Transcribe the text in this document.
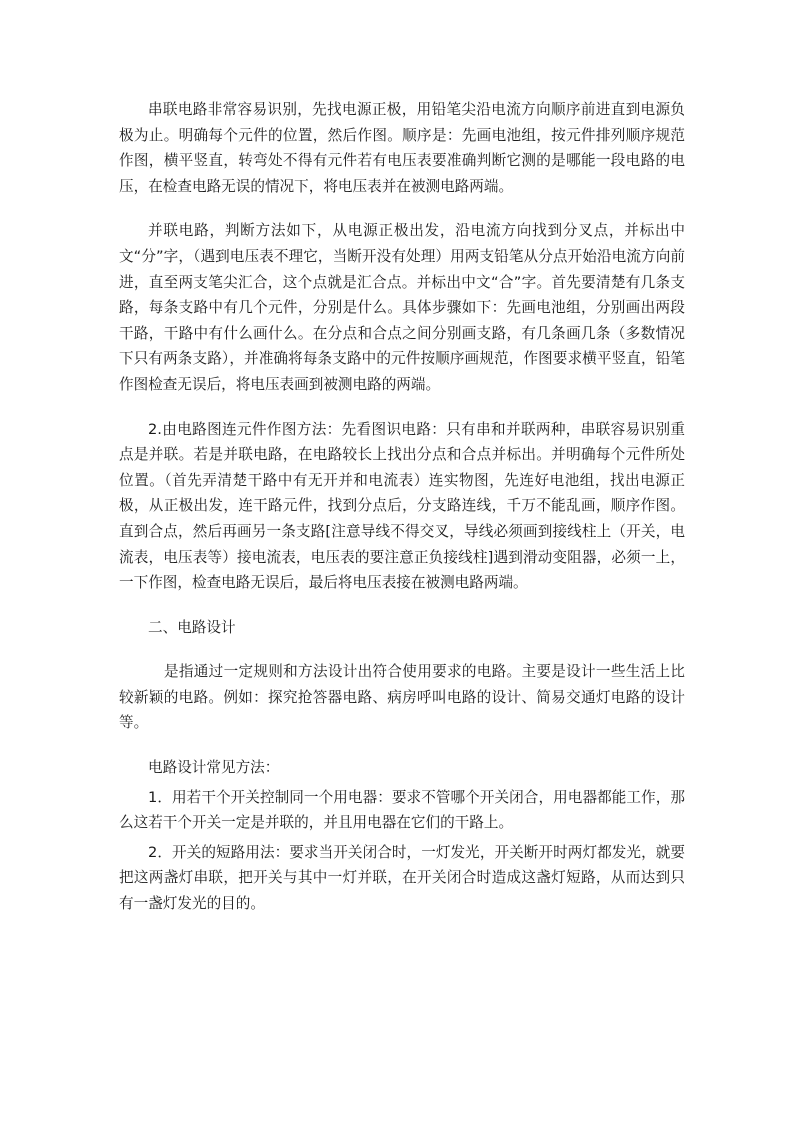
串联电路非常容易识别，先找电源正极，用铅笔尖沿电流方向顺序前进直到电源负极为止。明确每个元件的位置，然后作图。顺序是：先画电池组，按元件排列顺序规范作图，横平竖直，转弯处不得有元件若有电压表要准确判断它测的是哪能一段电路的电压，在检查电路无误的情况下，将电压表并在被测电路两端。

并联电路，判断方法如下，从电源正极出发，沿电流方向找到分叉点，并标出中文“分”字，（遇到电压表不理它，当断开没有处理）用两支铅笔从分点开始沿电流方向前进，直至两支笔尖汇合，这个点就是汇合点。并标出中文“合”字。首先要清楚有几条支路，每条支路中有几个元件，分别是什么。具体步骤如下：先画电池组，分别画出两段干路，干路中有什么画什么。在分点和合点之间分别画支路，有几条画几条（多数情况下只有两条支路），并准确将每条支路中的元件按顺序画规范，作图要求横平竖直，铅笔作图检查无误后，将电压表画到被测电路的两端。

2.由电路图连元件作图方法：先看图识电路：只有串和并联两种，串联容易识别重点是并联。若是并联电路，在电路较长上找出分点和合点并标出。并明确每个元件所处位置。（首先弄清楚干路中有无开并和电流表）连实物图，先连好电池组，找出电源正极，从正极出发，连干路元件，找到分点后，分支路连线，千万不能乱画，顺序作图。直到合点，然后再画另一条支路[注意导线不得交叉，导线必须画到接线柱上（开关，电流表，电压表等）接电流表，电压表的要注意正负接线柱]遇到滑动变阻器，必须一上，一下作图，检查电路无误后，最后将电压表接在被测电路两端。

二、电路设计

是指通过一定规则和方法设计出符合使用要求的电路。主要是设计一些生活上比较新颖的电路。例如：探究抢答器电路、病房呼叫电路的设计、简易交通灯电路的设计等。

电路设计常见方法：

1．用若干个开关控制同一个用电器：要求不管哪个开关闭合，用电器都能工作，那么这若干个开关一定是并联的，并且用电器在它们的干路上。

2．开关的短路用法：要求当开关闭合时，一灯发光，开关断开时两灯都发光，就要把这两盏灯串联，把开关与其中一灯并联，在开关闭合时造成这盏灯短路，从而达到只有一盏灯发光的目的。
